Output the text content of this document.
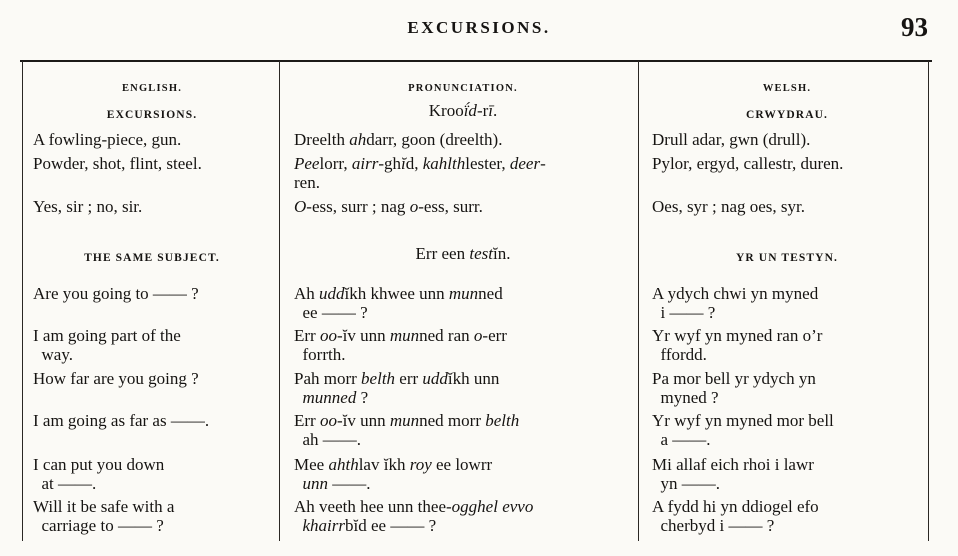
EXCURSIONS.	93
ENGLISH.
EXCURSIONS.
THE SAME SUBJECT.
A fowling-piece, gun.
Powder, shot, flint, steel.
Yes, sir ; no, sir.
Are you going to —— ?
I am going part of the
way.
How far are you going ?
I am going as far as ——.
I can put you down
at ——.
Will it be safe with a
carriage to —— ?
PRONUNCIATION.
Krooḯd-rī.
Err een testĭn.
Dreelth ahdarr, goon (dreelth).
Peelorr, airr-ghĭd, kahlthlester, deer-
ren.
O-ess, surr ; nag o-ess, surr.
Ah uddĭkh khwee unn munned
ee —— ?
Err oo-ĭv unn munned ran o-err
forrth.
Pah morr belth err uddĭkh unn
munned ?
Err oo-ĭv unn munned morr belth
ah ——.
Mee ahthlav ĭkh roy ee lowrr
unn ——.
Ah veeth hee unn thee-ogghel evvo
khairrbĭd ee —— ?
WELSH.
CRWYDRAU.
YR UN TESTYN.
Drull adar, gwn (drull).
Pylor, ergyd, callestr, duren.
Oes, syr ; nag oes, syr.
A ydych chwi yn myned
i —— ?
Yr wyf yn myned ran o’r
ffordd.
Pa mor bell yr ydych yn
myned ?
Yr wyf yn myned mor bell
a ——.
Mi allaf eich rhoi i lawr
yn ——.
A fydd hi yn ddiogel efo
cherbyd i —— ?
